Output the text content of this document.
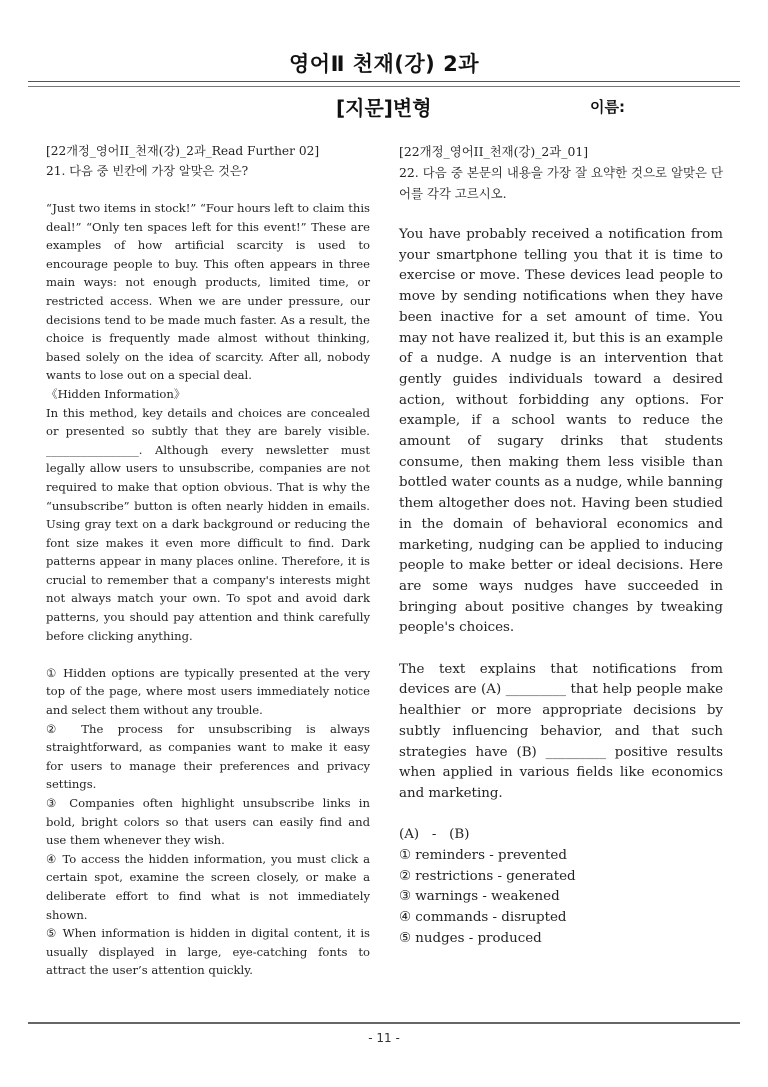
영어Ⅱ 천재(강) 2과
[지문]변형	이름:
[22개정_영어II_천재(강)_2과_Read Further 02]
21. 다음 중 빈칸에 가장 알맞은 것은?
“Just two items in stock!” “Four hours left to claim this deal!” “Only ten spaces left for this event!” These are examples of how artificial scarcity is used to encourage people to buy. This often appears in three main ways: not enough products, limited time, or restricted access. When we are under pressure, our decisions tend to be made much faster. As a result, the choice is frequently made almost without thinking, based solely on the idea of scarcity. After all, nobody wants to lose out on a special deal.
《Hidden Information》
In this method, key details and choices are concealed or presented so subtly that they are barely visible. ________________. Although every newsletter must legally allow users to unsubscribe, companies are not required to make that option obvious. That is why the “unsubscribe” button is often nearly hidden in emails. Using gray text on a dark background or reducing the font size makes it even more difficult to find. Dark patterns appear in many places online. Therefore, it is crucial to remember that a company's interests might not always match your own. To spot and avoid dark patterns, you should pay attention and think carefully before clicking anything.
① Hidden options are typically presented at the very top of the page, where most users immediately notice and select them without any trouble.
② The process for unsubscribing is always straightforward, as companies want to make it easy for users to manage their preferences and privacy settings.
③ Companies often highlight unsubscribe links in bold, bright colors so that users can easily find and use them whenever they wish.
④ To access the hidden information, you must click a certain spot, examine the screen closely, or make a deliberate effort to find what is not immediately shown.
⑤ When information is hidden in digital content, it is usually displayed in large, eye-catching fonts to attract the user’s attention quickly.
[22개정_영어II_천재(강)_2과_01]
22. 다음 중 본문의 내용을 가장 잘 요약한 것으로 알맞은 단어를 각각 고르시오.
You have probably received a notification from your smartphone telling you that it is time to exercise or move. These devices lead people to move by sending notifications when they have been inactive for a set amount of time. You may not have realized it, but this is an example of a nudge. A nudge is an intervention that gently guides individuals toward a desired action, without forbidding any options. For example, if a school wants to reduce the amount of sugary drinks that students consume, then making them less visible than bottled water counts as a nudge, while banning them altogether does not. Having been studied in the domain of behavioral economics and marketing, nudging can be applied to inducing people to make better or ideal decisions. Here are some ways nudges have succeeded in bringing about positive changes by tweaking people's choices.
The text explains that notifications from devices are (A) _________ that help people make healthier or more appropriate decisions by subtly influencing behavior, and that such strategies have (B) _________ positive results when applied in various fields like economics and marketing.
(A)   -   (B)
① reminders - prevented
② restrictions - generated
③ warnings - weakened
④ commands - disrupted
⑤ nudges - produced
- 11 -
